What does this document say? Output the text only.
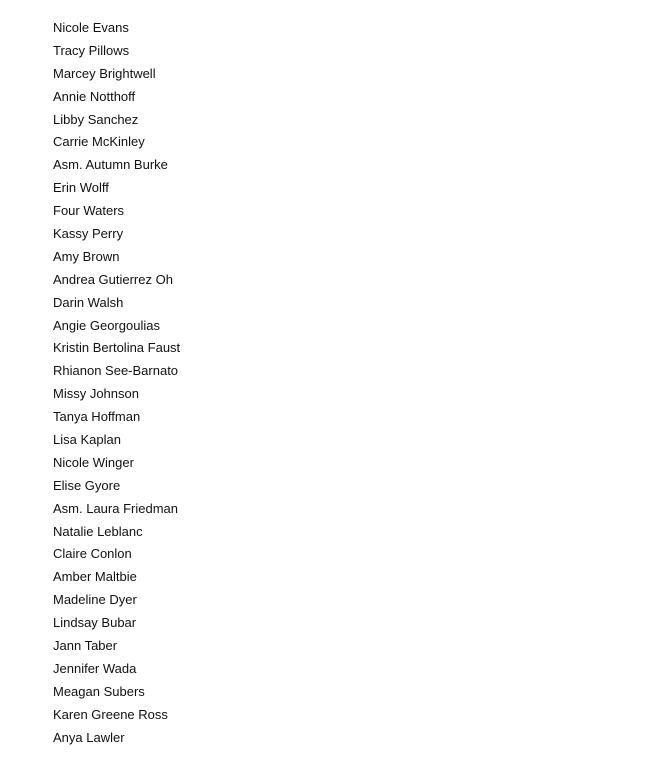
Nicole Evans
Tracy Pillows
Marcey Brightwell
Annie Notthoff
Libby Sanchez
Carrie McKinley
Asm. Autumn Burke
Erin Wolff
Four Waters
Kassy Perry
Amy Brown
Andrea Gutierrez Oh
Darin Walsh
Angie Georgoulias
Kristin Bertolina Faust
Rhianon See-Barnato
Missy Johnson
Tanya Hoffman
Lisa Kaplan
Nicole Winger
Elise Gyore
Asm. Laura Friedman
Natalie Leblanc
Claire Conlon
Amber Maltbie
Madeline Dyer
Lindsay Bubar
Jann Taber
Jennifer Wada
Meagan Subers
Karen Greene Ross
Anya Lawler
